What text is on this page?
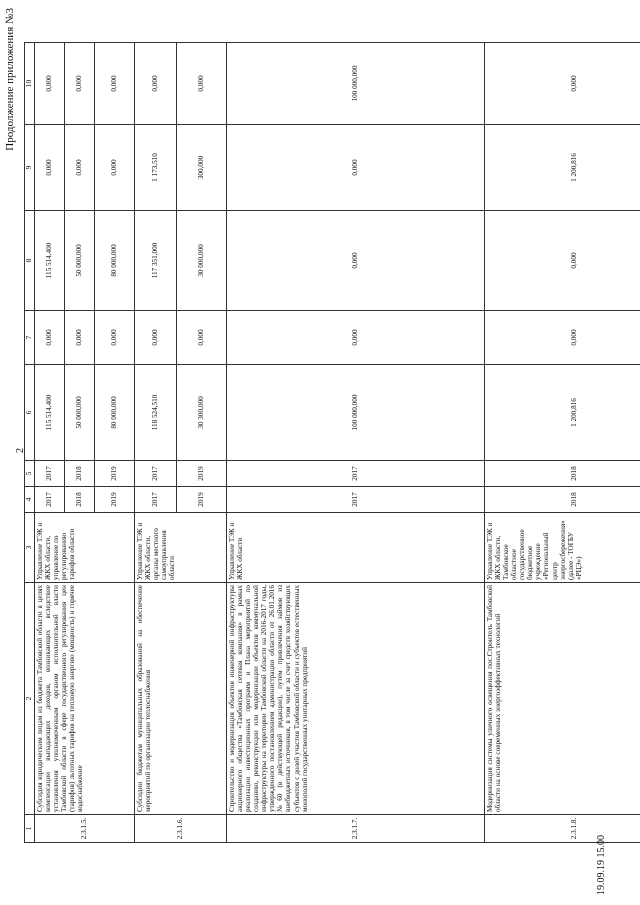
Продолжение приложения №3
2
1	2	3	4	5	6	7	8	9	10
2.3.1.5.	Субсидия юридическим лицам из бюджета Тамбовской области в целях компенсации выпадающих доходов, возникающих вследствие установления уполномоченным органом исполнительной власти Тамбовской области в сфере государственного регулирования цен (тарифов) льготных тарифов на тепловую энергию (мощность) и горячее водоснабжение	Управление ТЭК и ЖКХ области, управление по регулированию тарифов области	2017	2017	115 514,400	0,000	115 514,400	0,000	0,000
			2018	2018	50 000,000	0,000	50 000,000	0,000	0,000
			2019	2019	80 000,000	0,000	80 000,000	0,000	0,000
2.3.1.6.	Субсидии бюджетам муниципальных образований на обеспечение мероприятий по организации теплоснабжения	Управление ТЭК и ЖКХ области, органы местного самоуправления области	2017	2017	118 524,510	0,000	117 351,000	1 173,510	0,000
			2019	2019	30 300,000	0,000	30 000,000	300,000	0,000
2.3.1.7.	Строительство и модернизация объектов инженерной инфраструктуры акционерного общества «Тамбовская сетевая компания» в рамках реализации инвестиционных программ и Плана мероприятий по созданию, реконструкции или модернизации объектов коммунальной инфраструктуры на территории Тамбовской области на 2016-2017 годы, утвержденного постановлением администрации области от 26.01.2016 №60 (в действующей редакции), путем привлечения займов из внебюджетных источников, в том числе за счет средств хозяйствующих субъектов с долей участия Тамбовской области и субъектов естественных монополий государственных унитарных предприятий	Управление ТЭК и ЖКХ области	2017	2017	100 000,000	0,000	0,000	0,000	100 000,000
2.3.1.8.	Модернизация системы уличного освещения пос.Строитель Тамбовской области на основе современных энергоэффективных технологий	Управление ТЭК и ЖКХ области, Тамбовское областное государственное бюджетное учреждение «Региональный центр энергосбережения» (далее - ТОГБУ «РЦЭ»)	2018	2018	1 200,816	0,000	0,000	1 200,816	0,000
19.09.19 15.00
